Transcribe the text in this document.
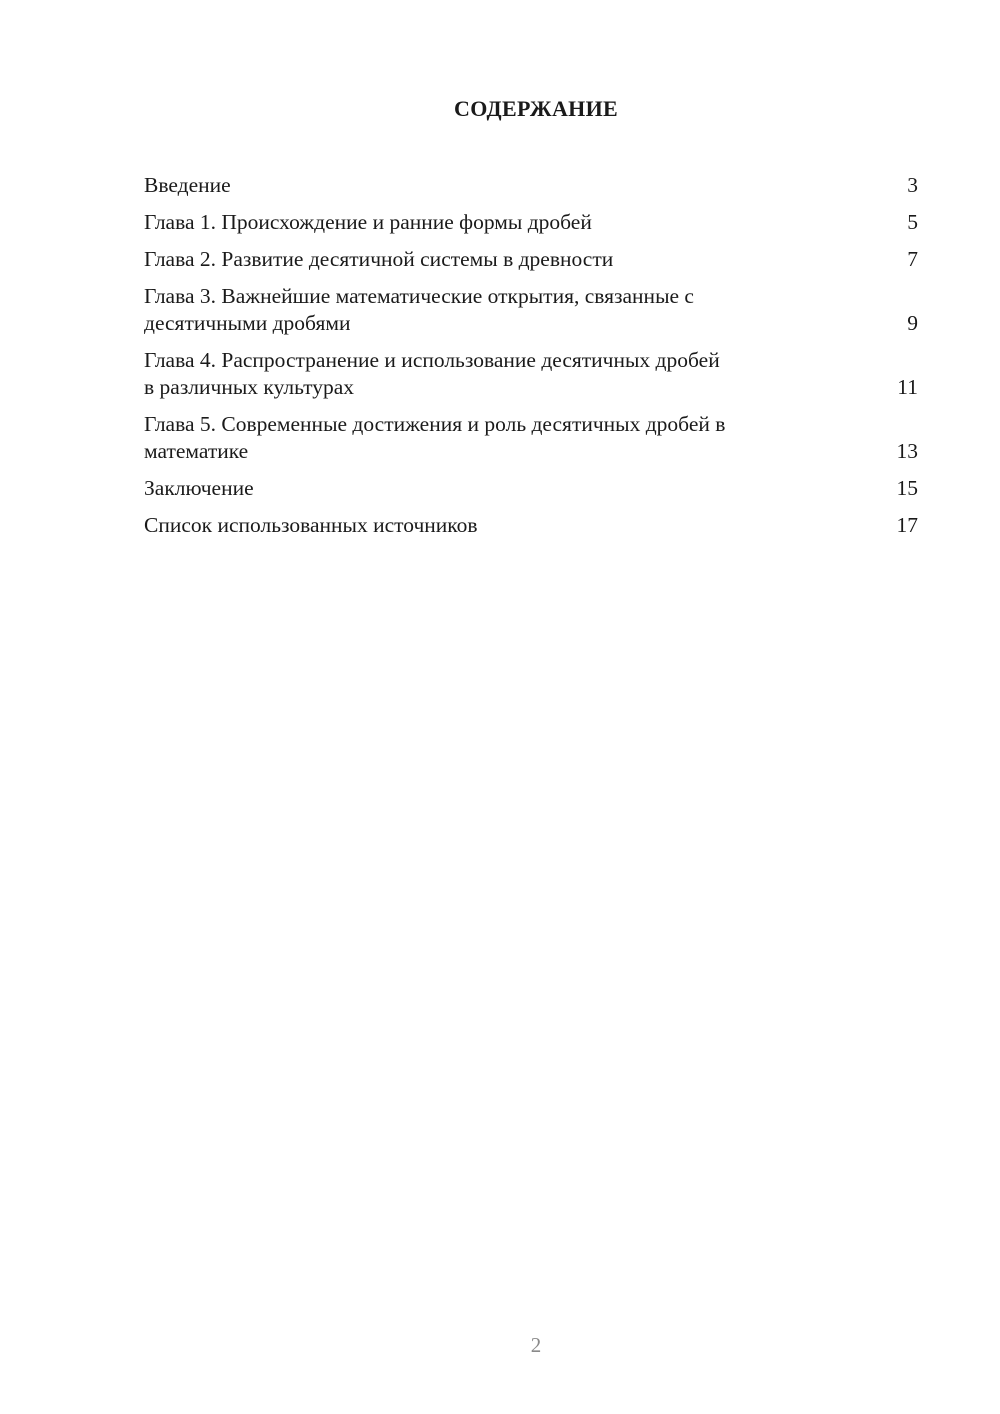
СОДЕРЖАНИЕ
Введение	3
Глава 1. Происхождение и ранние формы дробей	5
Глава 2. Развитие десятичной системы в древности	7
Глава 3. Важнейшие математические открытия, связанные с
десятичными дробями	9
Глава 4. Распространение и использование десятичных дробей
в различных культурах	11
Глава 5. Современные достижения и роль десятичных дробей в
математике	13
Заключение	15
Список использованных источников	17
2
